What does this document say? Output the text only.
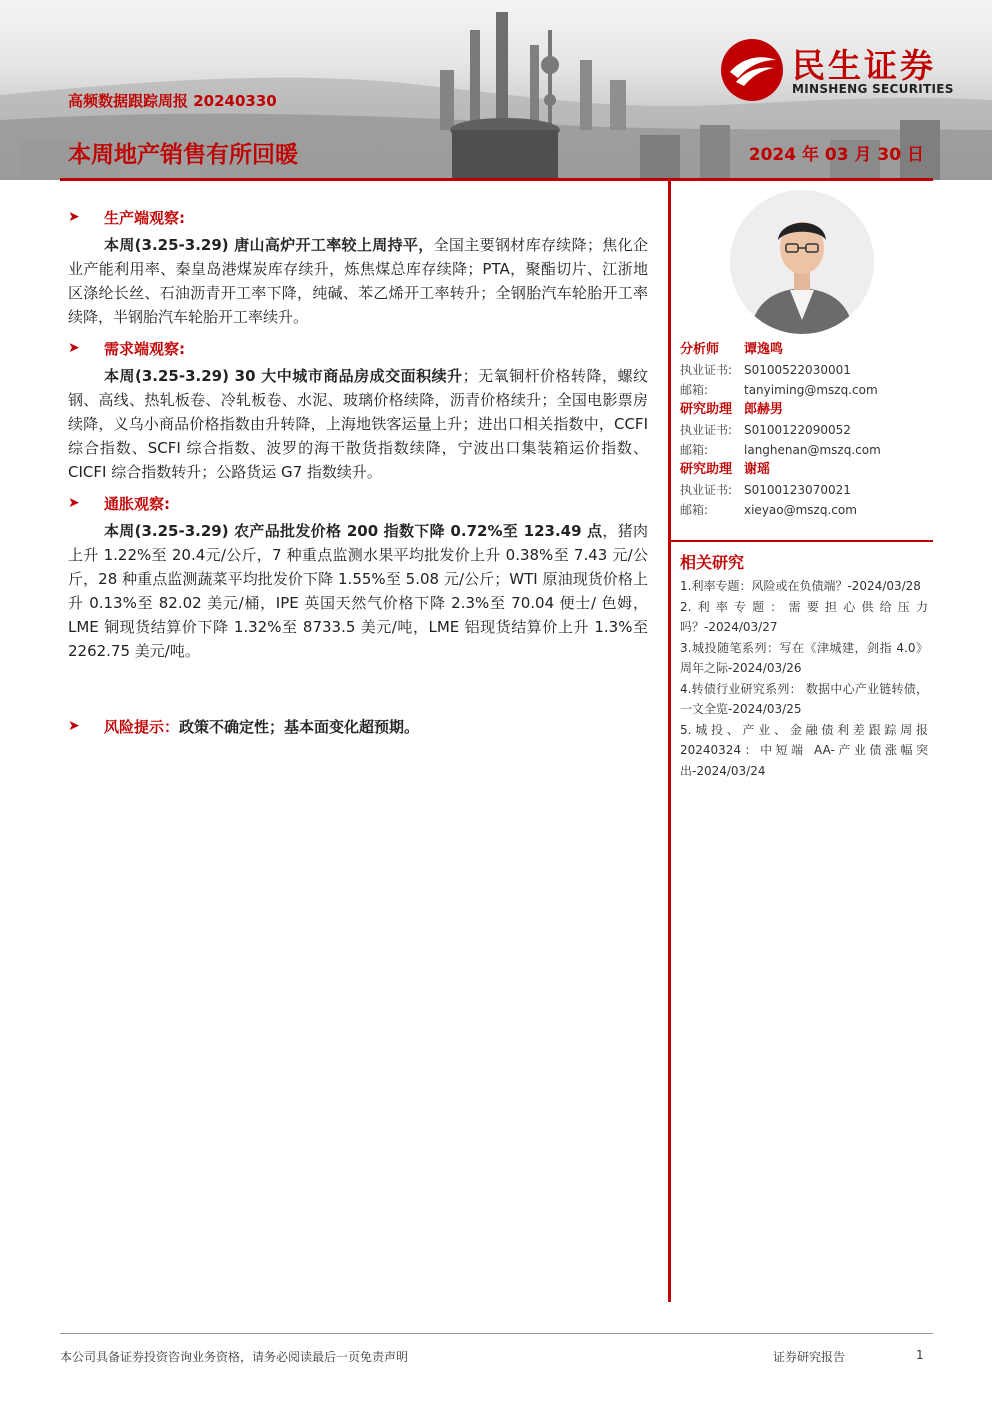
民生证券
MINSHENG SECURITIES
高频数据跟踪周报 20240330
本周地产销售有所回暖	2024 年 03 月 30 日
➤	生产端观察:

本周(3.25-3.29) 唐山高炉开工率较上周持平，全国主要钢材库存续降；焦化企业产能利用率、秦皇岛港煤炭库存续升，炼焦煤总库存续降；PTA，聚酯切片、江浙地区涤纶长丝、石油沥青开工率下降，纯碱、苯乙烯开工率转升；全钢胎汽车轮胎开工率续降，半钢胎汽车轮胎开工率续升。

➤	需求端观察:

本周(3.25-3.29) 30 大中城市商品房成交面积续升；无氧铜杆价格转降，螺纹钢、高线、热轧板卷、冷轧板卷、水泥、玻璃价格续降，沥青价格续升；全国电影票房续降，义乌小商品价格指数由升转降，上海地铁客运量上升；进出口相关指数中，CCFI 综合指数、SCFI 综合指数、波罗的海干散货指数续降，宁波出口集装箱运价指数、CICFI 综合指数转升；公路货运 G7 指数续升。

➤	通胀观察:

本周(3.25-3.29) 农产品批发价格 200 指数下降 0.72%至 123.49 点，猪肉上升 1.22%至 20.4元/公斤，7 种重点监测水果平均批发价上升 0.38%至 7.43 元/公斤，28 种重点监测蔬菜平均批发价下降 1.55%至 5.08 元/公斤；WTI 原油现货价格上升 0.13%至 82.02 美元/桶，IPE 英国天然气价格下降 2.3%至 70.04 便士/ 色姆，LME 铜现货结算价下降 1.32%至 8733.5 美元/吨，LME 铝现货结算价上升 1.3%至 2262.75 美元/吨。

➤	风险提示： 政策不确定性；基本面变化超预期。
分析师	谭逸鸣
执业证书: S0100522030001
邮箱:	tanyiming@mszq.com
研究助理 郎赫男
执业证书: S0100122090052
邮箱:	langhenan@mszq.com
研究助理 谢瑶
执业证书: S0100123070021
邮箱:	xieyao@mszq.com
相关研究
1.利率专题：风险或在负债端？-2024/03/28
2.利率专题：需要担心供给压力吗？-2024/03/27
3.城投随笔系列：写在《津城建，剑指 4.0》周年之际-2024/03/26
4.转债行业研究系列： 数据中心产业链转债，一文全览-2024/03/25
5.城投、产业、金融债利差跟踪周报 20240324：中短端 AA-产业债涨幅突出-2024/03/24
本公司具备证券投资咨询业务资格，请务必阅读最后一页免责声明	证券研究报告	1
